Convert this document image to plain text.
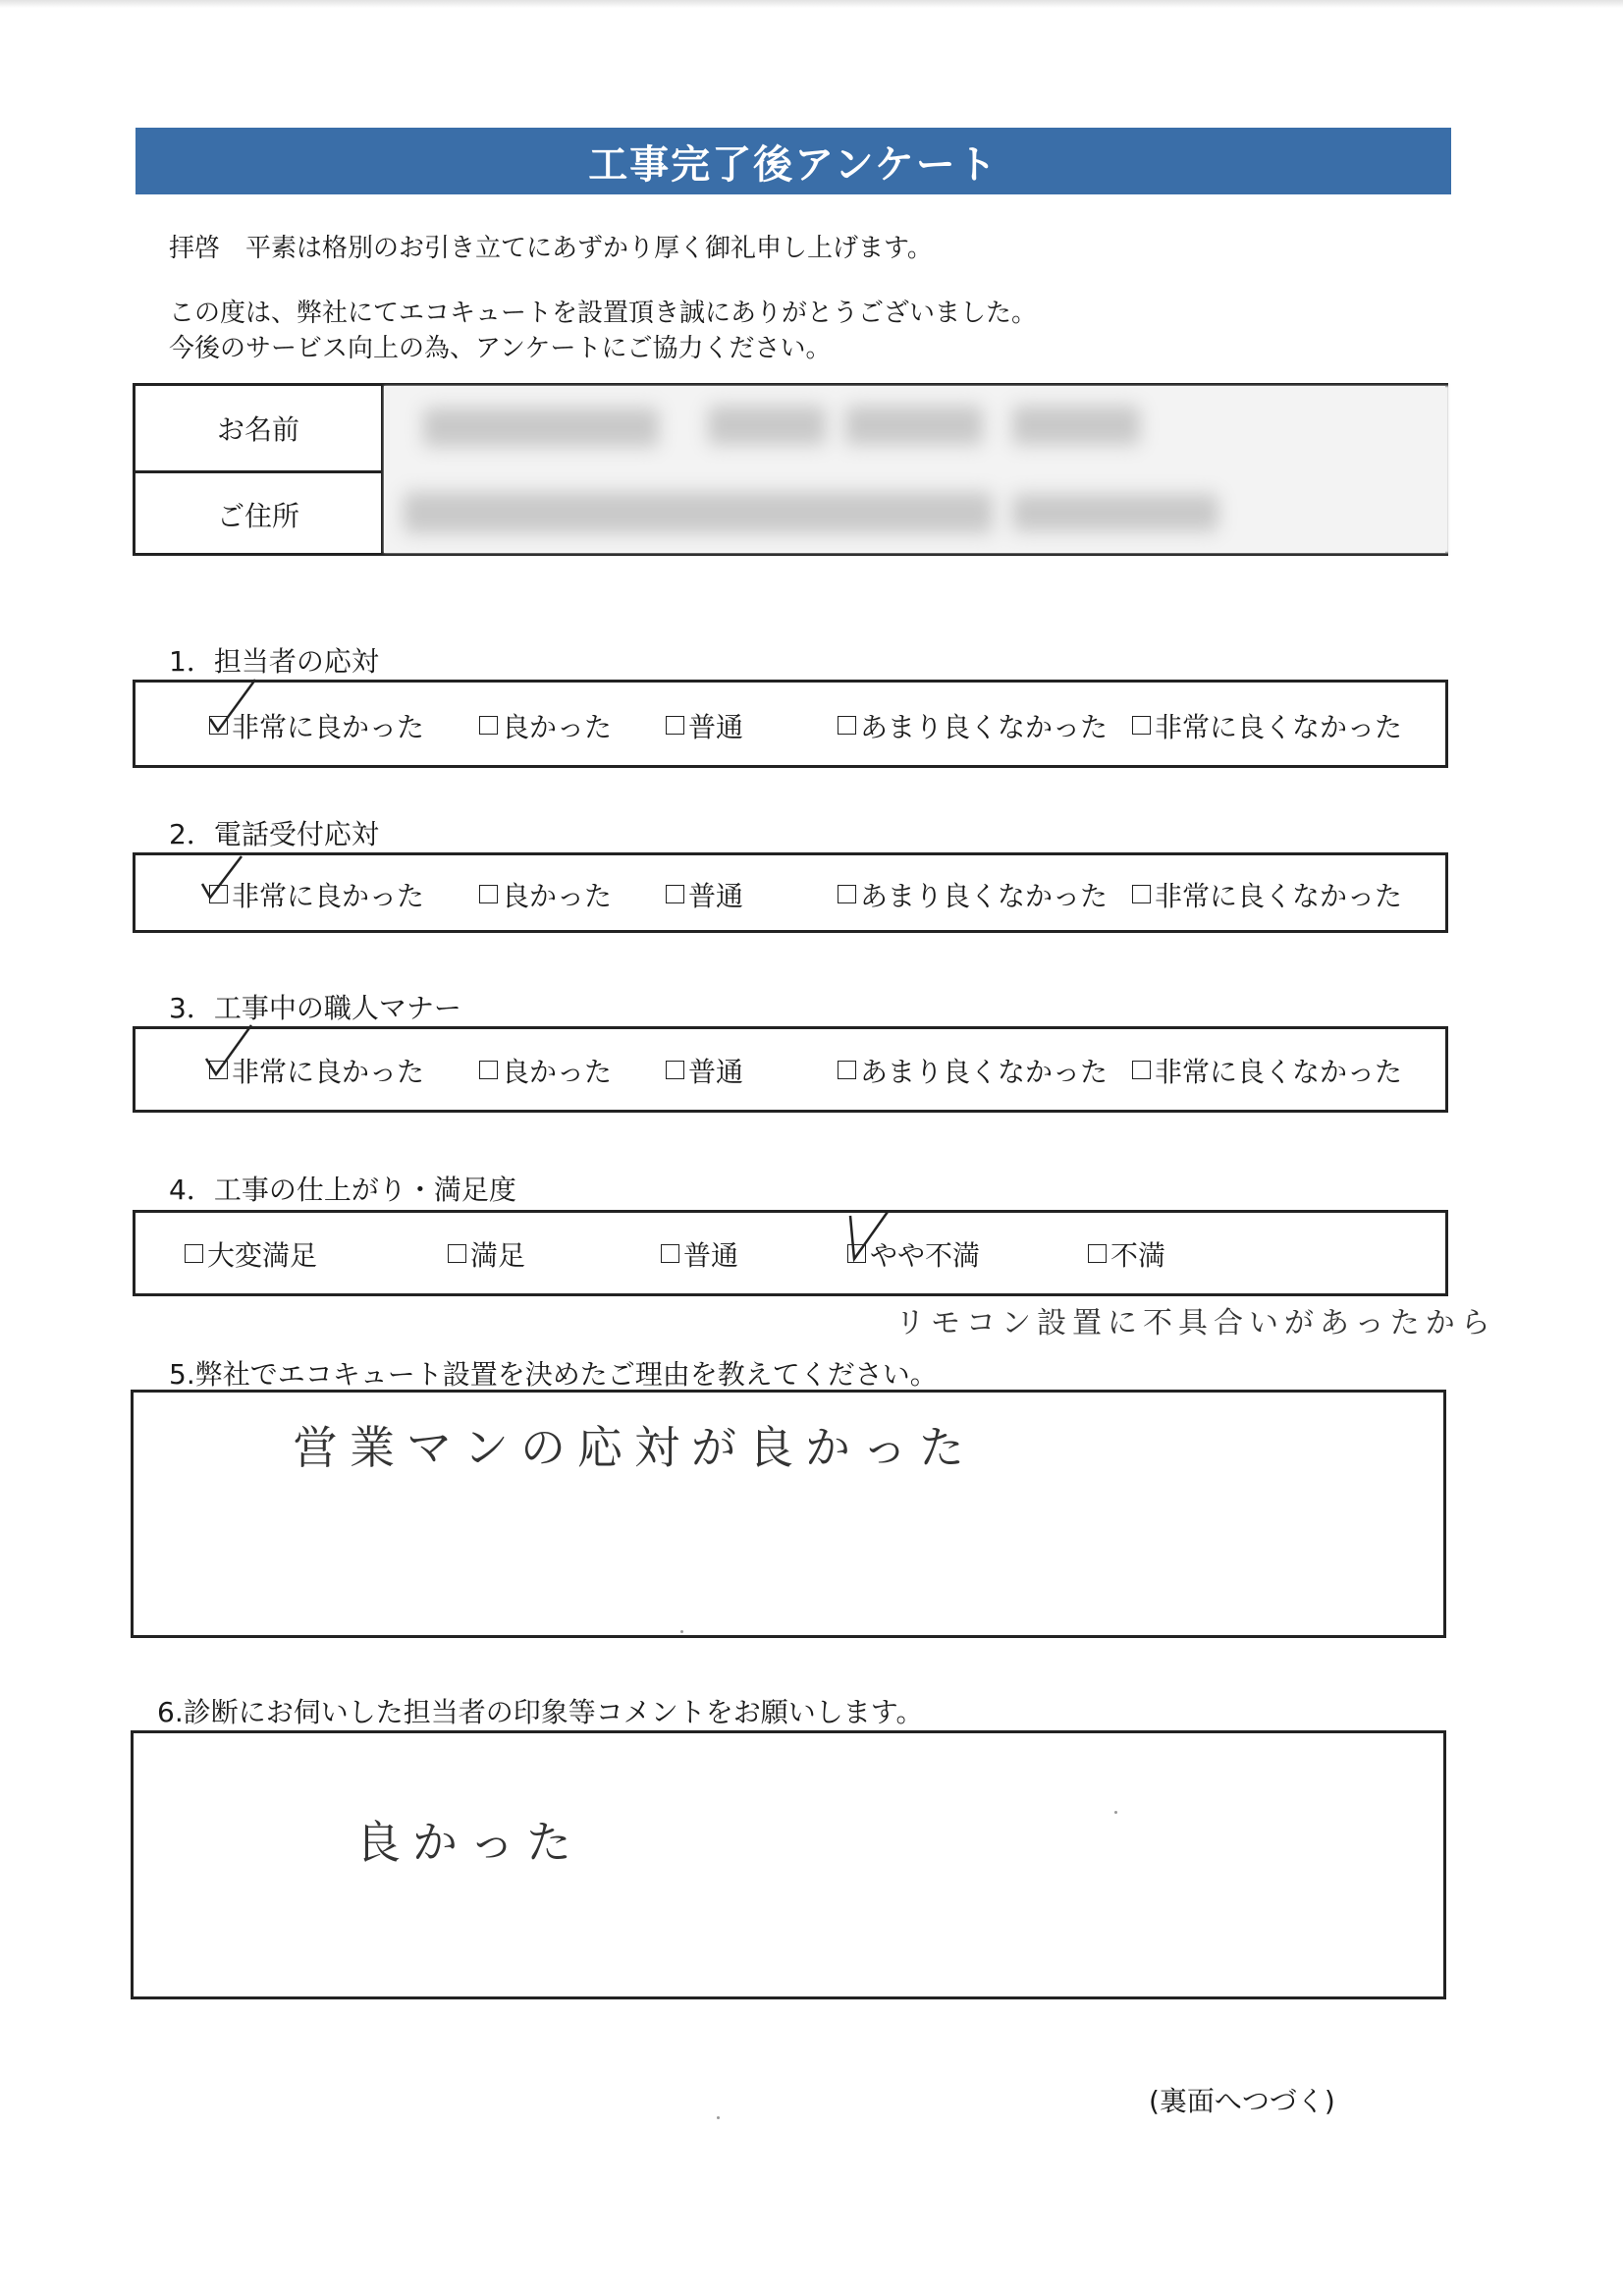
工事完了後アンケート
拝啓　平素は格別のお引き立てにあずかり厚く御礼申し上げます。
この度は、弊社にてエコキュートを設置頂き誠にありがとうございました。
今後のサービス向上の為、アンケートにご協力ください。
お名前
ご住所
1．担当者の応対
非常に良かった	良かった	普通	あまり良くなかった 非常に良くなかった
2．電話受付応対
非常に良かった	良かった	普通	あまり良くなかった 非常に良くなかった
3．工事中の職人マナー
非常に良かった	良かった	普通	あまり良くなかった 非常に良くなかった
4．工事の仕上がり・満足度
大変満足	満足	普通	やや不満	不満
リモコン設置に不具合いがあったから
5.弊社でエコキュート設置を決めたご理由を教えてください。
営業マンの応対が良かった
6.診断にお伺いした担当者の印象等コメントをお願いします。
良かった
(裏面へつづく)
